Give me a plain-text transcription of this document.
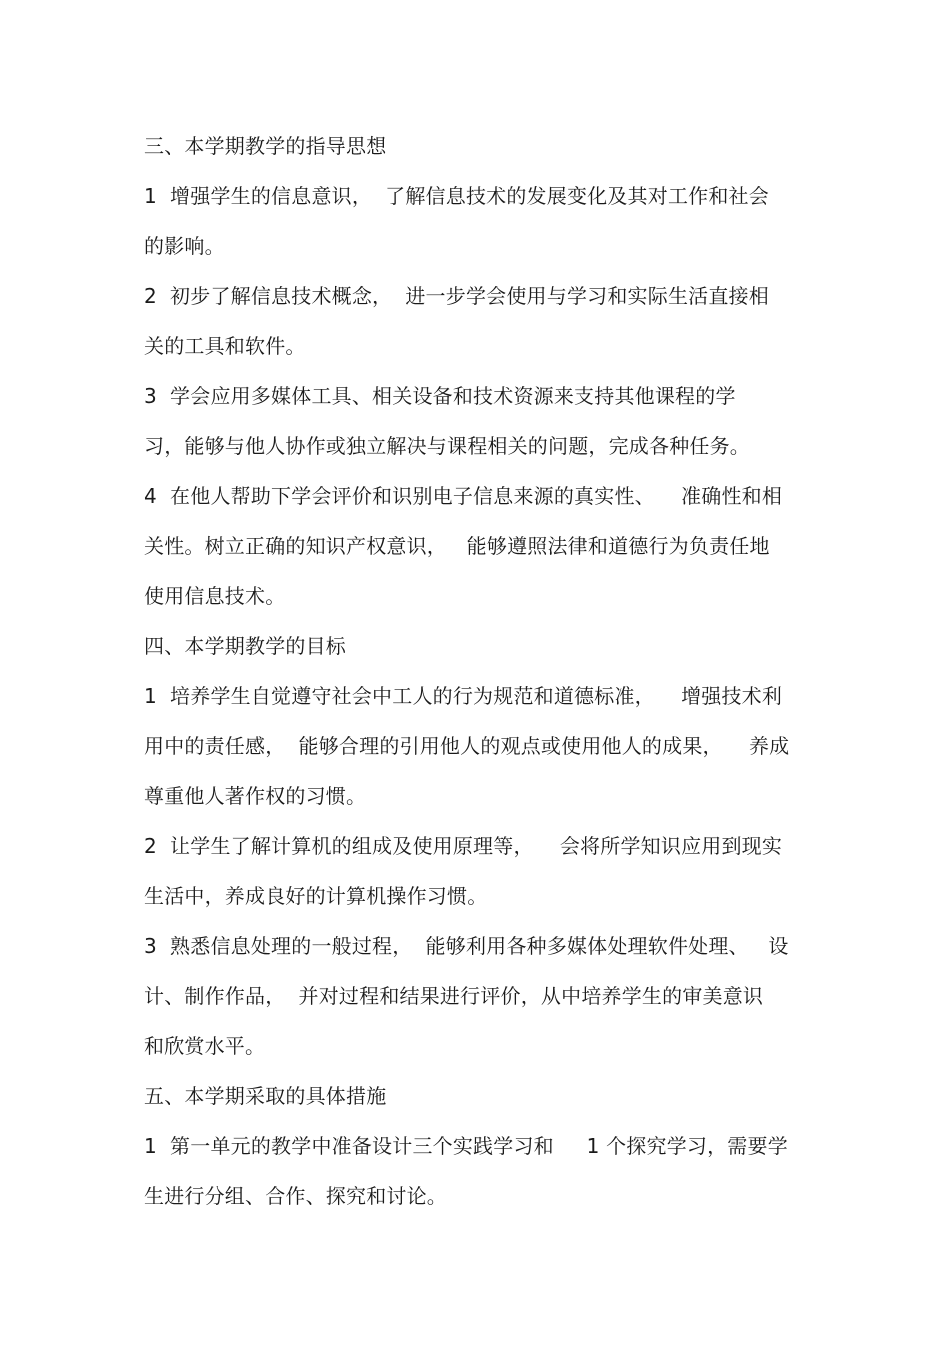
三、本学期教学的指导思想
1  增强学生的信息意识，  了解信息技术的发展变化及其对工作和社会
的影响。
2  初步了解信息技术概念，  进一步学会使用与学习和实际生活直接相
关的工具和软件。
3  学会应用多媒体工具、相关设备和技术资源来支持其他课程的学
习，能够与他人协作或独立解决与课程相关的问题，完成各种任务。
4  在他人帮助下学会评价和识别电子信息来源的真实性、    准确性和相
关性。树立正确的知识产权意识，   能够遵照法律和道德行为负责任地
使用信息技术。
四、本学期教学的目标
1  培养学生自觉遵守社会中工人的行为规范和道德标准，    增强技术利
用中的责任感，  能够合理的引用他人的观点或使用他人的成果，    养成
尊重他人著作权的习惯。
2  让学生了解计算机的组成及使用原理等，    会将所学知识应用到现实
生活中，养成良好的计算机操作习惯。
3  熟悉信息处理的一般过程，  能够利用各种多媒体处理软件处理、   设
计、制作作品，  并对过程和结果进行评价，从中培养学生的审美意识
和欣赏水平。
五、本学期采取的具体措施
1  第一单元的教学中准备设计三个实践学习和     1 个探究学习，需要学
生进行分组、合作、探究和讨论。
